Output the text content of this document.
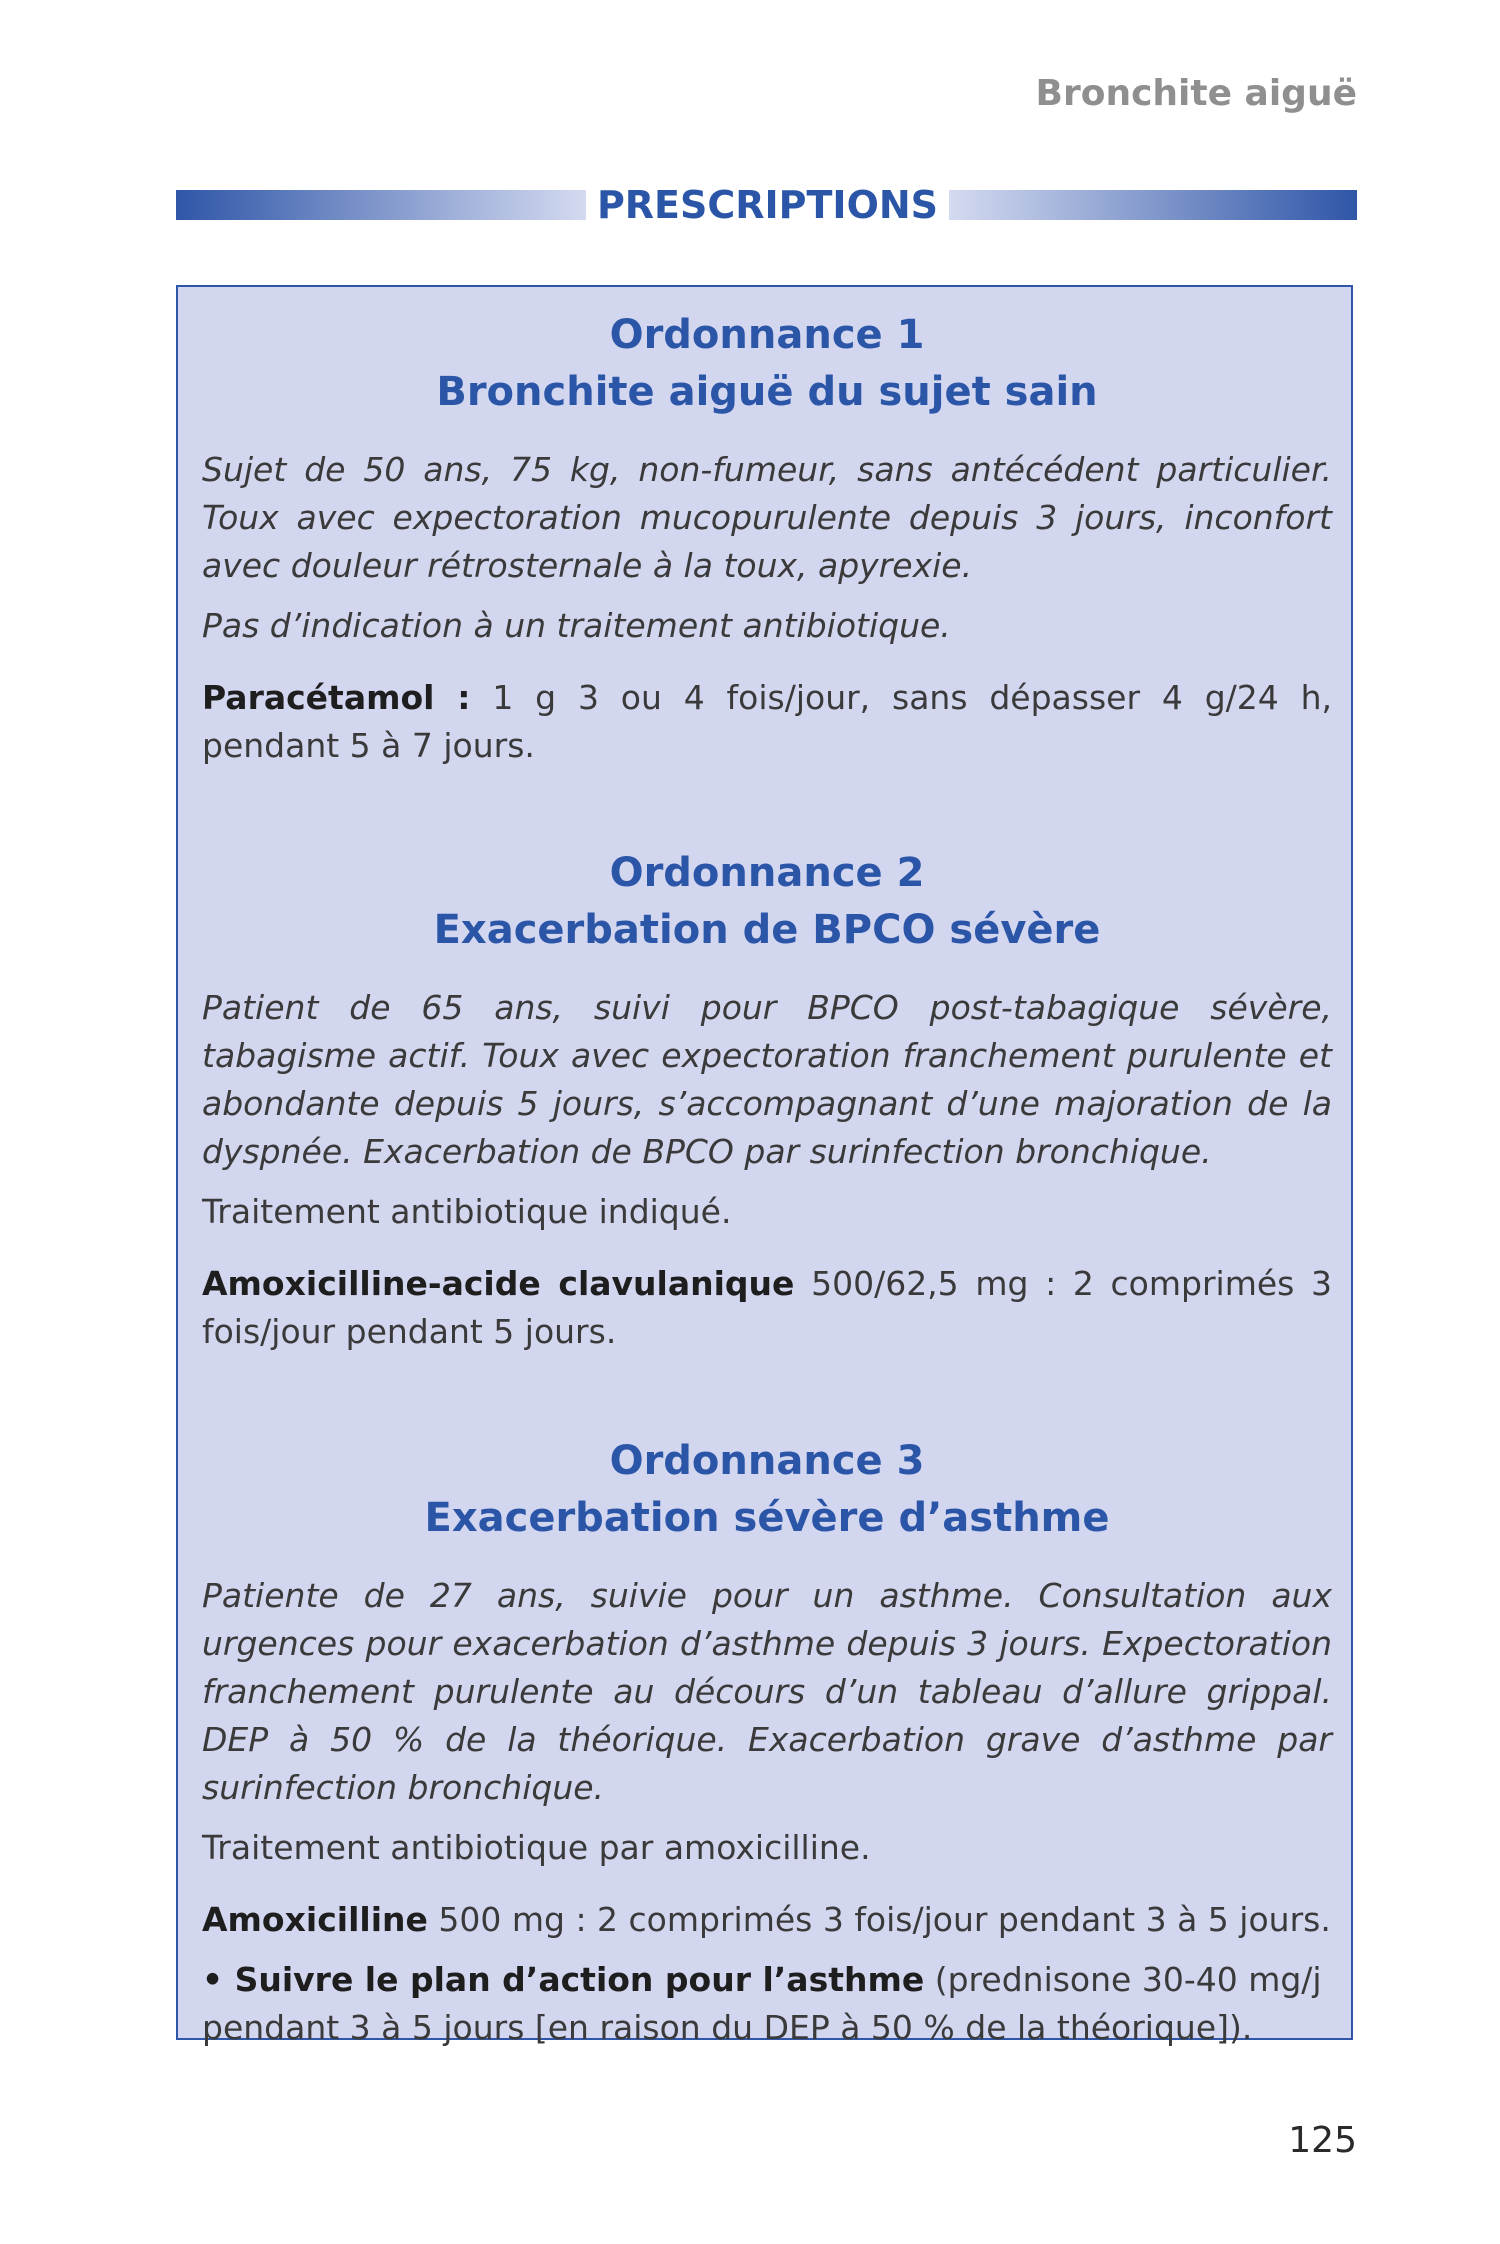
Bronchite aiguë
PRESCRIPTIONS

Ordonnance 1

Bronchite aiguë du sujet sain

Sujet de 50 ans, 75 kg, non-fumeur, sans antécédent particulier. Toux avec expectoration mucopurulente depuis 3 jours, inconfort avec douleur rétrosternale à la toux, apyrexie.

Pas d’indication à un traitement antibiotique.

Paracétamol : 1 g 3 ou 4 fois/jour, sans dépasser 4 g/24 h, pendant 5 à 7 jours.

Ordonnance 2

Exacerbation de BPCO sévère

Patient de 65 ans, suivi pour BPCO post-tabagique sévère, tabagisme actif. Toux avec expectoration franchement purulente et abondante depuis 5 jours, s’accompagnant d’une majoration de la dyspnée. Exacerbation de BPCO par surinfection bronchique.

Traitement antibiotique indiqué.

Amoxicilline-acide clavulanique 500/62,5 mg : 2 comprimés 3 fois/jour pendant 5 jours.

Ordonnance 3

Exacerbation sévère d’asthme

Patiente de 27 ans, suivie pour un asthme. Consultation aux urgences pour exacerbation d’asthme depuis 3 jours. Expectoration franchement purulente au décours d’un tableau d’allure grippal. DEP à 50 % de la théorique. Exacerbation grave d’asthme par surinfection bronchique.

Traitement antibiotique par amoxicilline.

Amoxicilline 500 mg : 2 comprimés 3 fois/jour pendant 3 à 5 jours.

• Suivre le plan d’action pour l’asthme (prednisone 30-40 mg/j pendant 3 à 5 jours [en raison du DEP à 50 % de la théorique]).

125
